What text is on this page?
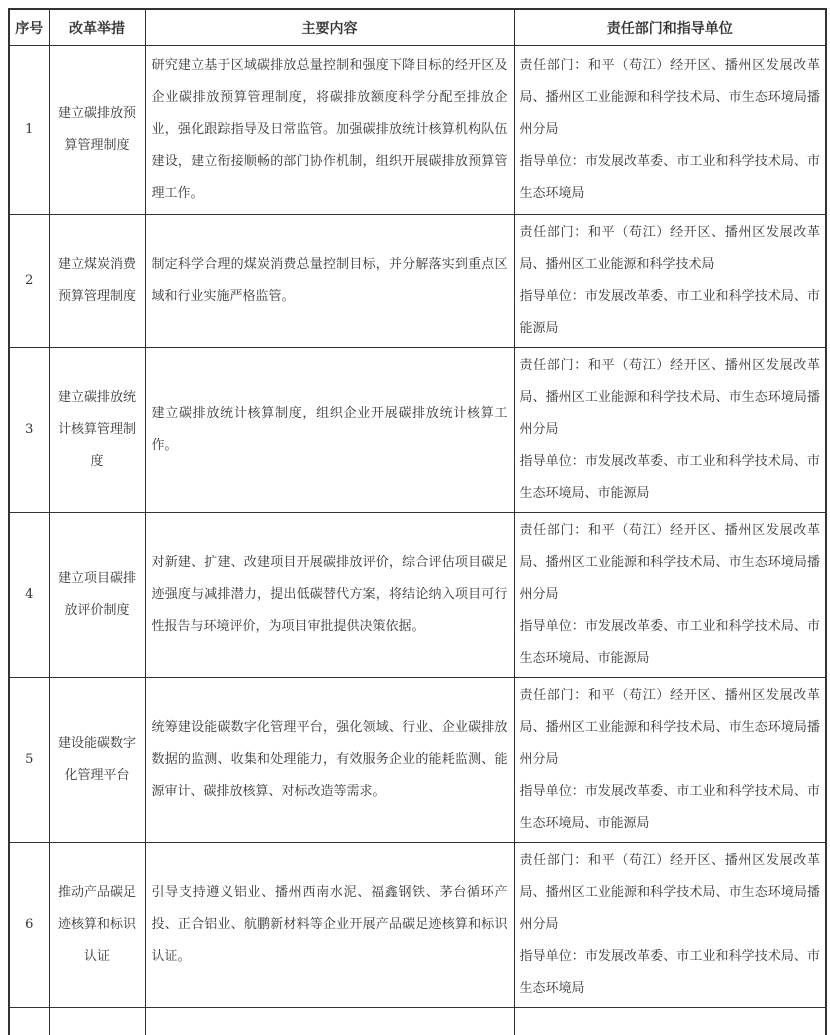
序号	改革举措	主要内容	责任部门和指导单位
1	建立碳排放预算管理制度	研究建立基于区域碳排放总量控制和强度下降目标的经开区及企业碳排放预算管理制度，将碳排放额度科学分配至排放企业，强化跟踪指导及日常监管。加强碳排放统计核算机构队伍建设，建立衔接顺畅的部门协作机制，组织开展碳排放预算管理工作。	责任部门：和平（苟江）经开区、播州区发展改革局、播州区工业能源和科学技术局、市生态环境局播州分局

指导单位：市发展改革委、市工业和科学技术局、市生态环境局

2	建立煤炭消费预算管理制度	制定科学合理的煤炭消费总量控制目标，并分解落实到重点区域和行业实施严格监管。	责任部门：和平（苟江）经开区、播州区发展改革局、播州区工业能源和科学技术局

指导单位：市发展改革委、市工业和科学技术局、市能源局

3	建立碳排放统计核算管理制度	建立碳排放统计核算制度，组织企业开展碳排放统计核算工作。	责任部门：和平（苟江）经开区、播州区发展改革局、播州区工业能源和科学技术局、市生态环境局播州分局

指导单位：市发展改革委、市工业和科学技术局、市生态环境局、市能源局

4	建立项目碳排放评价制度	对新建、扩建、改建项目开展碳排放评价，综合评估项目碳足迹强度与减排潜力，提出低碳替代方案，将结论纳入项目可行性报告与环境评价，为项目审批提供决策依据。	责任部门：和平（苟江）经开区、播州区发展改革局、播州区工业能源和科学技术局、市生态环境局播州分局

指导单位：市发展改革委、市工业和科学技术局、市生态环境局、市能源局

5	建设能碳数字化管理平台	统筹建设能碳数字化管理平台，强化领域、行业、企业碳排放数据的监测、收集和处理能力，有效服务企业的能耗监测、能源审计、碳排放核算、对标改造等需求。	责任部门：和平（苟江）经开区、播州区发展改革局、播州区工业能源和科学技术局、市生态环境局播州分局

指导单位：市发展改革委、市工业和科学技术局、市生态环境局、市能源局

6	推动产品碳足迹核算和标识认证	引导支持遵义铝业、播州西南水泥、福鑫钢铁、茅台循环产投、正合铝业、航鹏新材料等企业开展产品碳足迹核算和标识认证。	责任部门：和平（苟江）经开区、播州区发展改革局、播州区工业能源和科学技术局、市生态环境局播州分局

指导单位：市发展改革委、市工业和科学技术局、市生态环境局
